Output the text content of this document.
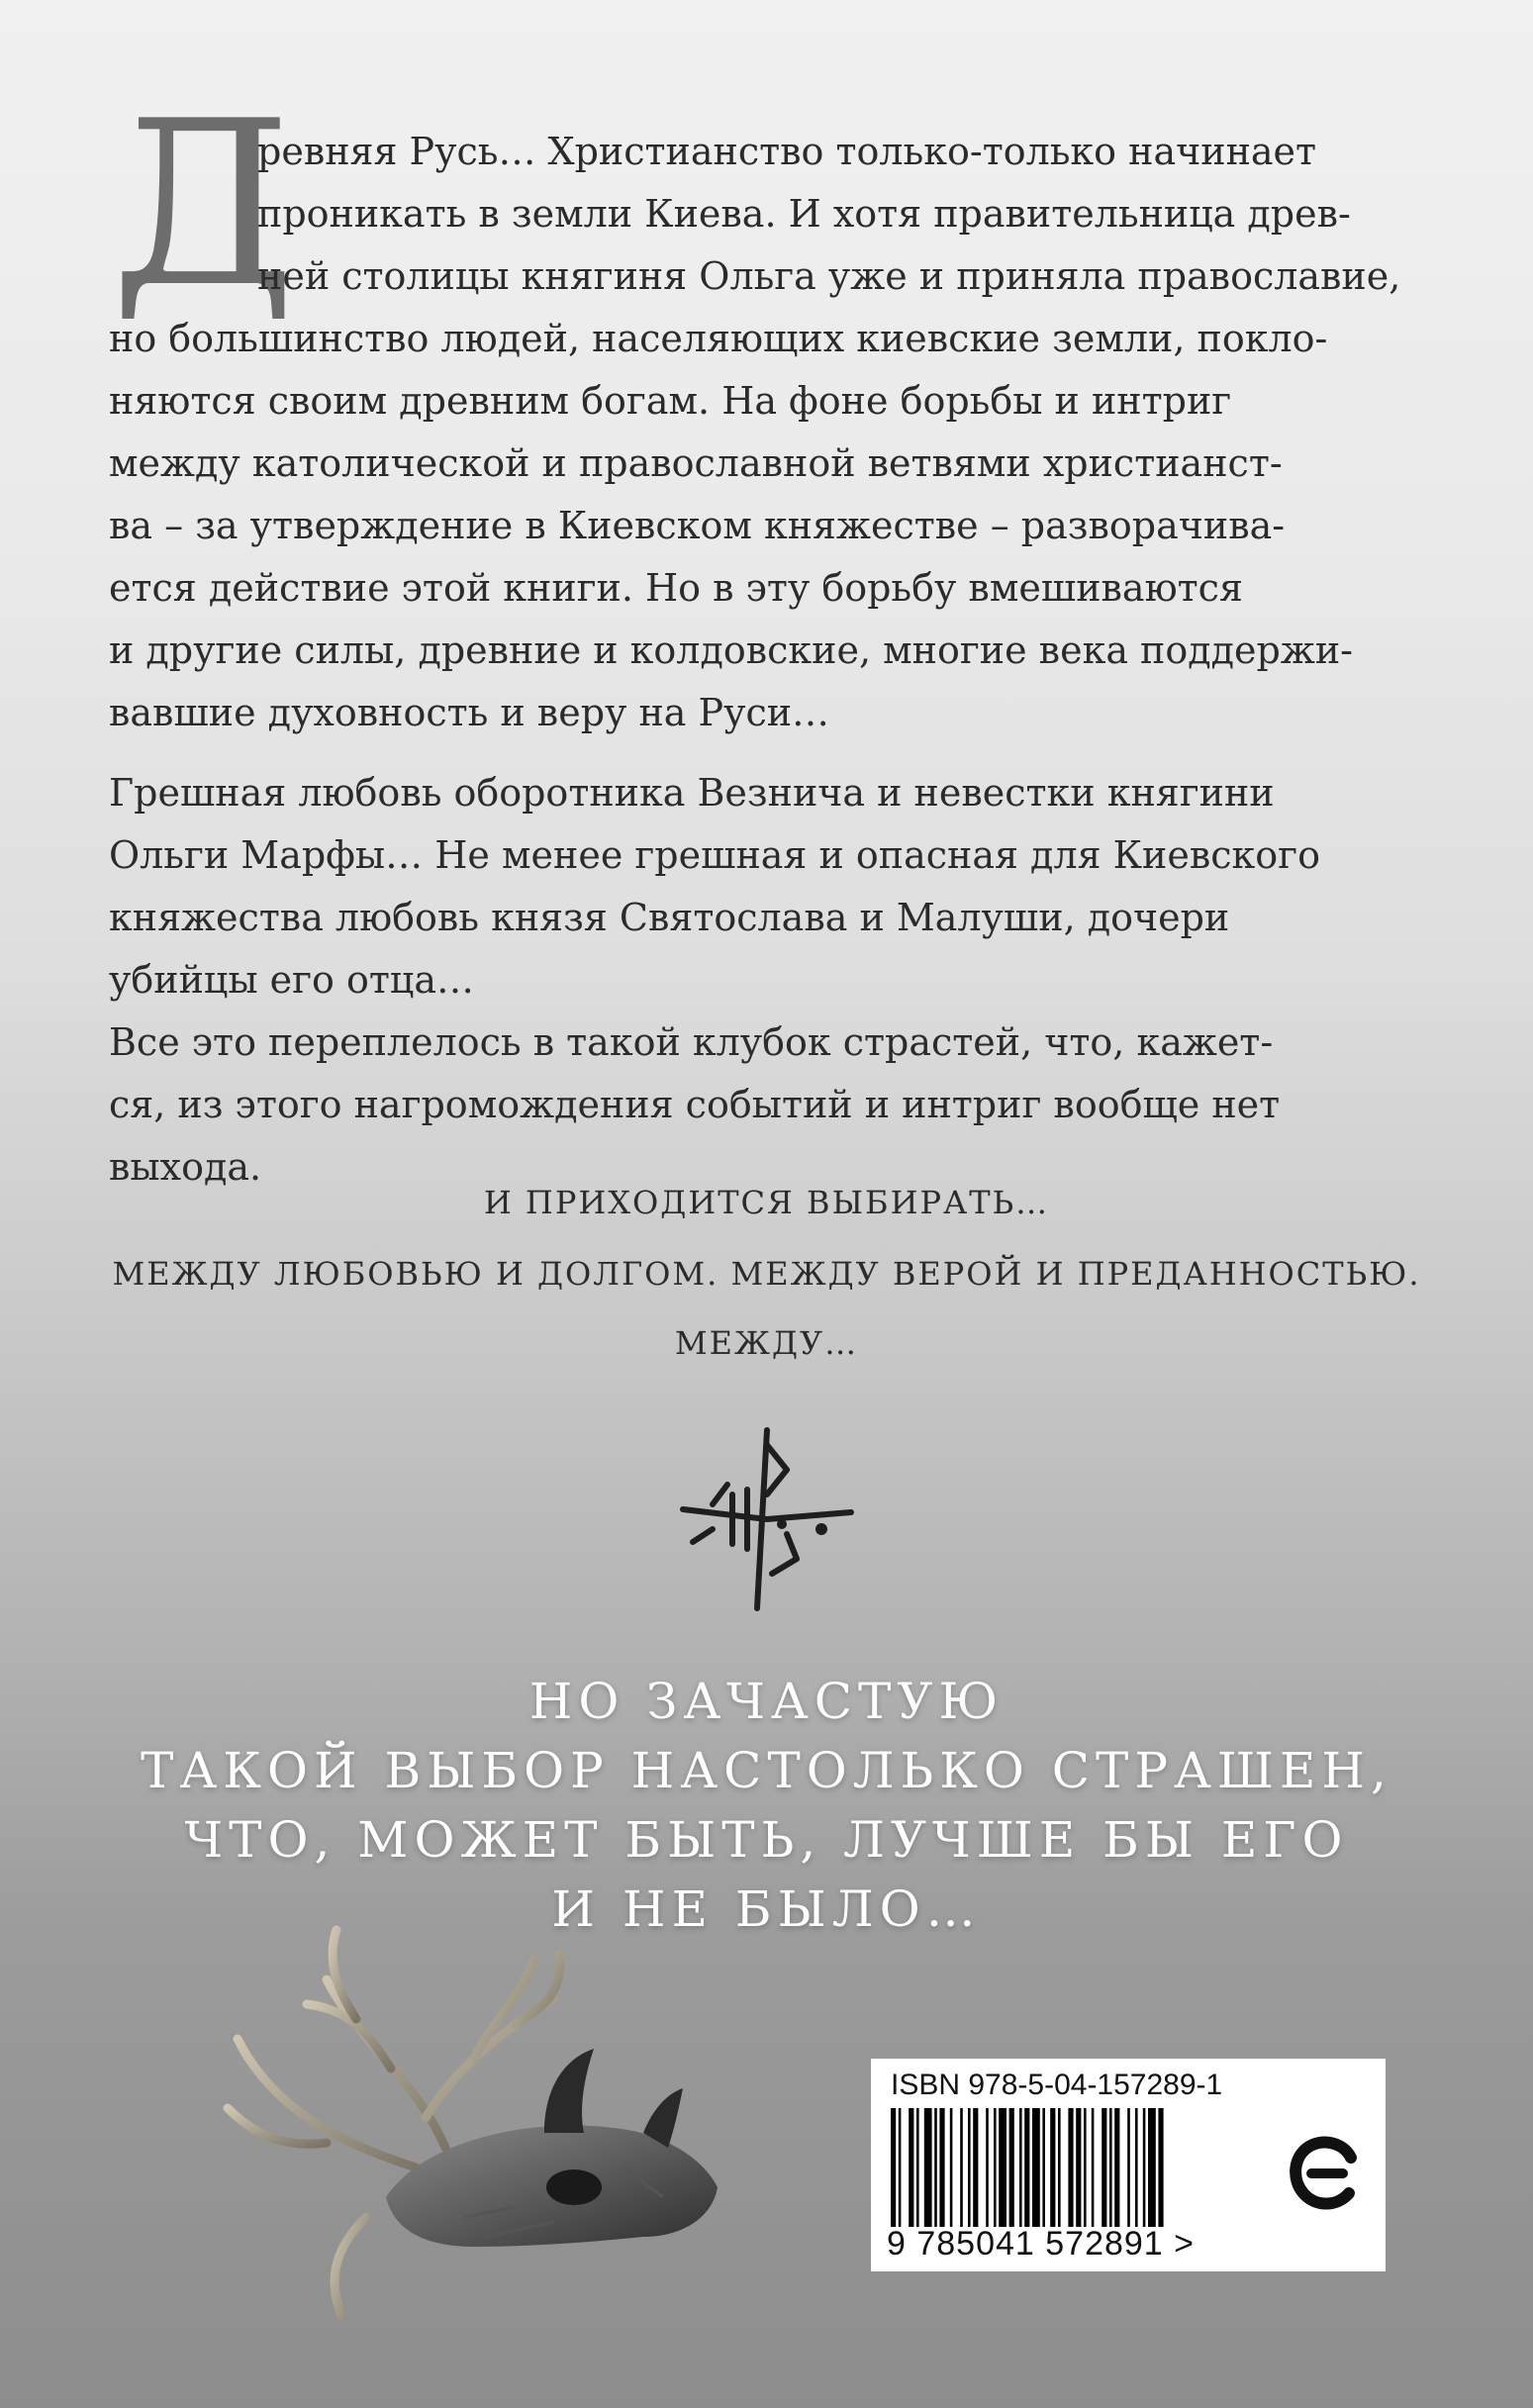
Д
ревняя Русь… Христианство только-только начинает
проникать в земли Киева. И хотя правительница древ-
ней столицы княгиня Ольга уже и приняла православие,
но большинство людей, населяющих киевские земли, покло-
няются своим древним богам. На фоне борьбы и интриг
между католической и православной ветвями христианст-
ва – за утверждение в Киевском княжестве – разворачива-
ется действие этой книги. Но в эту борьбу вмешиваются
и другие силы, древние и колдовские, многие века поддержи-
вавшие духовность и веру на Руси…
Грешная любовь оборотника Везнича и невестки княгини
Ольги Марфы… Не менее грешная и опасная для Киевского
княжества любовь князя Святослава и Малуши, дочери
убийцы его отца…
Все это переплелось в такой клубок страстей, что, кажет-
ся, из этого нагромождения событий и интриг вообще нет
выхода.
И ПРИХОДИТСЯ ВЫБИРАТЬ…
МЕЖДУ ЛЮБОВЬЮ И ДОЛГОМ. МЕЖДУ ВЕРОЙ И ПРЕДАННОСТЬЮ.
МЕЖДУ…
НО ЗАЧАСТУЮ
ТАКОЙ ВЫБОР НАСТОЛЬКО СТРАШЕН,
ЧТО, МОЖЕТ БЫТЬ, ЛУЧШЕ БЫ ЕГО
И НЕ БЫЛО…
ISBN 978-5-04-157289-1
9 785041 572891 >
